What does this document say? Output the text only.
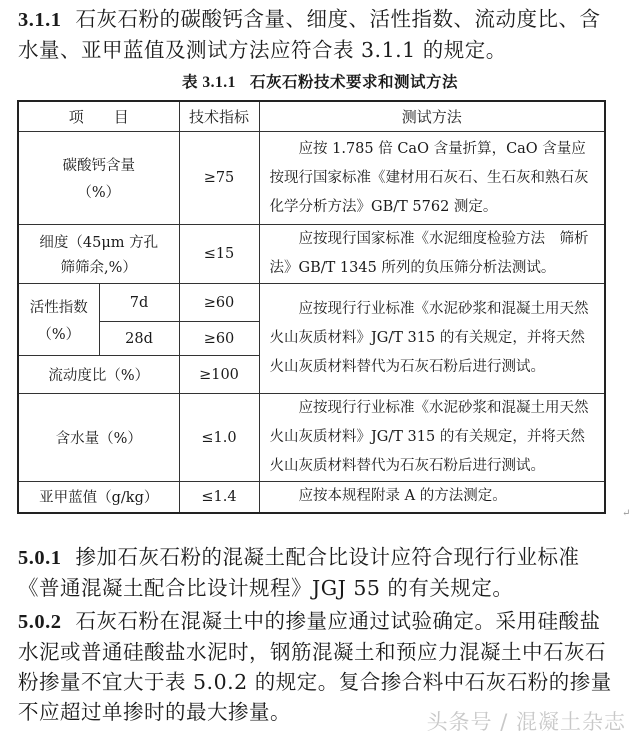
3.1.1 石灰石粉的碳酸钙含量、细度、活性指数、流动度比、含水量、亚甲蓝值及测试方法应符合表 3.1.1 的规定。
表 3.1.1 石灰石粉技术要求和测试方法
项　　目		技术指标	测试方法

碳酸钙含量
（%）		≥75	应按 1.785 倍 CaO 含量折算，CaO 含量应按现行国家标准《建材用石灰石、生石灰和熟石灰化学分析方法》GB/T 5762 测定。

细度（45μm 方孔
筛筛余,%）		≤15	应按现行国家标准《水泥细度检验方法　筛析法》GB/T 1345 所列的负压筛分析法测试。

活性指数
（%）	7d	≥60	应按现行行业标准《水泥砂浆和混凝土用天然火山灰质材料》JG/T 315 的有关规定，并将天然火山灰质材料替代为石灰石粉后进行测试。
	28d	≥60	
流动度比（%）		≥100	
含水量（%）		≤1.0	应按现行行业标准《水泥砂浆和混凝土用天然火山灰质材料》JG/T 315 的有关规定，并将天然火山灰质材料替代为石灰石粉后进行测试。
亚甲蓝值（g/kg）		≤1.4	应按本规程附录 A 的方法测定。
↵
5.0.1 掺加石灰石粉的混凝土配合比设计应符合现行行业标准《普通混凝土配合比设计规程》JGJ 55 的有关规定。
5.0.2 石灰石粉在混凝土中的掺量应通过试验确定。采用硅酸盐水泥或普通硅酸盐水泥时，钢筋混凝土和预应力混凝土中石灰石粉掺量不宜大于表 5.0.2 的规定。复合掺合料中石灰石粉的掺量不应超过单掺时的最大掺量。	头条号 / 混凝土杂志
